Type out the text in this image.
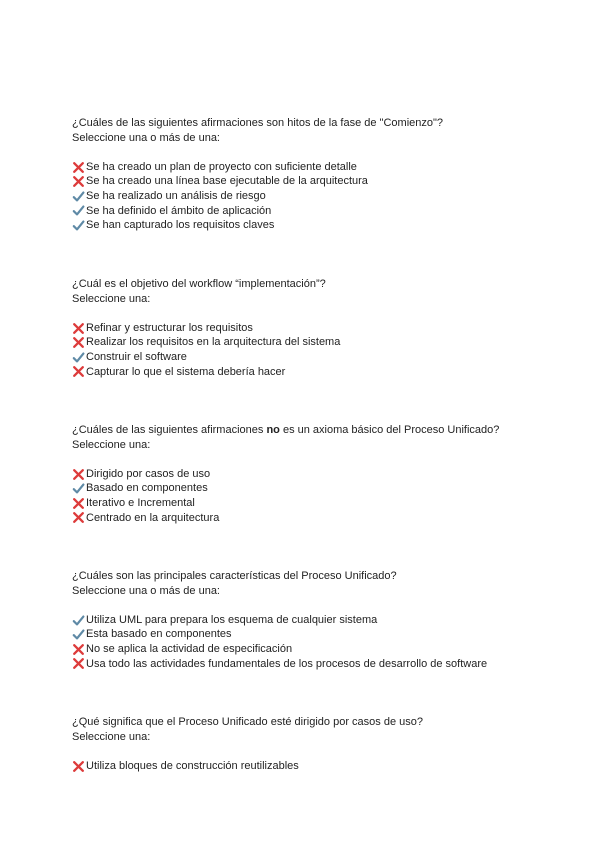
¿Cuáles de las siguientes afirmaciones son hitos de la fase de "Comienzo"?
Seleccione una o más de una:
Se ha creado un plan de proyecto con suficiente detalle
Se ha creado una línea base ejecutable de la arquitectura
Se ha realizado un análisis de riesgo
Se ha definido el ámbito de aplicación
Se han capturado los requisitos claves
¿Cuál es el objetivo del workflow “implementación”?
Seleccione una:
Refinar y estructurar los requisitos
Realizar los requisitos en la arquitectura del sistema
Construir el software
Capturar lo que el sistema debería hacer
¿Cuáles de las siguientes afirmaciones no es un axioma básico del Proceso Unificado?
Seleccione una:
Dirigido por casos de uso
Basado en componentes
Iterativo e Incremental
Centrado en la arquitectura
¿Cuáles son las principales características del Proceso Unificado?
Seleccione una o más de una:
Utiliza UML para prepara los esquema de cualquier sistema
Esta basado en componentes
No se aplica la actividad de especificación
Usa todo las actividades fundamentales de los procesos de desarrollo de software
¿Qué significa que el Proceso Unificado esté dirigido por casos de uso?
Seleccione una:
Utiliza bloques de construcción reutilizables
